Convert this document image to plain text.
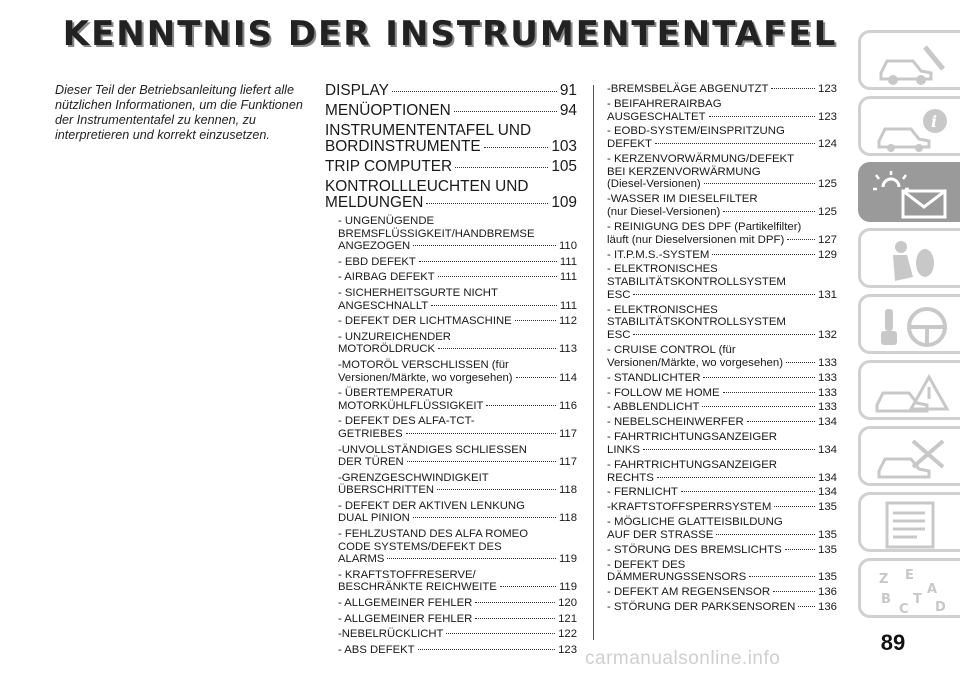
KENNTNIS DER INSTRUMENTENTAFEL
Dieser Teil der Betriebsanleitung liefert alle nützlichen Informationen, um die Funktionen der Instrumententafel zu kennen, zu interpretieren und korrekt einzusetzen.
DISPLAY	91
MENÜOPTIONEN	94
INSTRUMENTENTAFEL UND
BORDINSTRUMENTE	103
TRIP COMPUTER	105
KONTROLLLEUCHTEN UND
MELDUNGEN	109
- UNGENÜGENDE
BREMSFLÜSSIGKEIT/HANDBREMSE
ANGEZOGEN	110
- EBD DEFEKT	111
- AIRBAG DEFEKT	111
- SICHERHEITSGURTE NICHT
ANGESCHNALLT	111
- DEFEKT DER LICHTMASCHINE	112
- UNZUREICHENDER
MOTORÖLDRUCK	113
-MOTORÖL VERSCHLISSEN (für
Versionen/Märkte, wo vorgesehen)	114
- ÜBERTEMPERATUR
MOTORKÜHLFLÜSSIGKEIT	116
- DEFEKT DES ALFA-TCT-
GETRIEBES	117
-UNVOLLSTÄNDIGES SCHLIESSEN
DER TÜREN	117
-GRENZGESCHWINDIGKEIT
ÜBERSCHRITTEN	118
- DEFEKT DER AKTIVEN LENKUNG
DUAL PINION	118
- FEHLZUSTAND DES ALFA ROMEO
CODE SYSTEMS/DEFEKT DES
ALARMS	119
- KRAFTSTOFFRESERVE/
BESCHRÄNKTE REICHWEITE	119
- ALLGEMEINER FEHLER	120
- ALLGEMEINER FEHLER	121
-NEBELRÜCKLICHT	122
- ABS DEFEKT	123
-BREMSBELÄGE ABGENUTZT	123
- BEIFAHRERAIRBAG
AUSGESCHALTET	123
- EOBD-SYSTEM/EINSPRITZUNG
DEFEKT	124
- KERZENVORWÄRMUNG/DEFEKT
BEI KERZENVORWÄRMUNG
(Diesel-Versionen)	125
-WASSER IM DIESELFILTER
(nur Diesel-Versionen)	125
- REINIGUNG DES DPF (Partikelfilter)
läuft (nur Dieselversionen mit DPF)	127
- IT.P.M.S.-SYSTEM	129
- ELEKTRONISCHES
STABILITÄTSKONTROLLSYSTEM
ESC	131
- ELEKTRONISCHES
STABILITÄTSKONTROLLSYSTEM
ESC	132
- CRUISE CONTROL (für
Versionen/Märkte, wo vorgesehen)	133
- STANDLICHTER	133
- FOLLOW ME HOME	133
- ABBLENDLICHT	133
- NEBELSCHEINWERFER	134
- FAHRTRICHTUNGSANZEIGER
LINKS	134
- FAHRTRICHTUNGSANZEIGER
RECHTS	134
- FERNLICHT	134
-KRAFTSTOFFSPERRSYSTEM	135
- MÖGLICHE GLATTEISBILDUNG
AUF DER STRASSE	135
- STÖRUNG DES BREMSLICHTS	135
- DEFEKT DES
DÄMMERUNGSSENSORS	135
- DEFEKT AM REGENSENSOR	136
- STÖRUNG DER PARKSENSOREN 136
i
Z E
A
B
C
T
D
89
carmanualsonline.info
